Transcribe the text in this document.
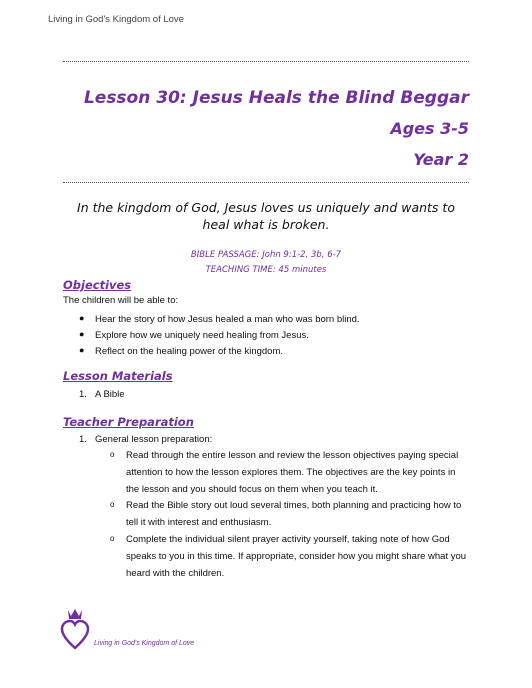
Living in God's Kingdom of Love
Lesson 30: Jesus Heals the Blind Beggar
Ages 3-5
Year 2
In the kingdom of God, Jesus loves us uniquely and wants to heal what is broken.
BIBLE PASSAGE: John 9:1-2, 3b, 6-7
TEACHING TIME: 45 minutes
Objectives
The children will be able to:
● Hear the story of how Jesus healed a man who was born blind.
● Explore how we uniquely need healing from Jesus.
● Reflect on the healing power of the kingdom.
Lesson Materials
1. A Bible
Teacher Preparation
1. General lesson preparation:
o Read through the entire lesson and review the lesson objectives paying special attention to how the lesson explores them. The objectives are the key points in the lesson and you should focus on them when you teach it.
o Read the Bible story out loud several times, both planning and practicing how to tell it with interest and enthusiasm.
o Complete the individual silent prayer activity yourself, taking note of how God speaks to you in this time. If appropriate, consider how you might share what you heard with the children.
Living in God's Kingdom of Love
